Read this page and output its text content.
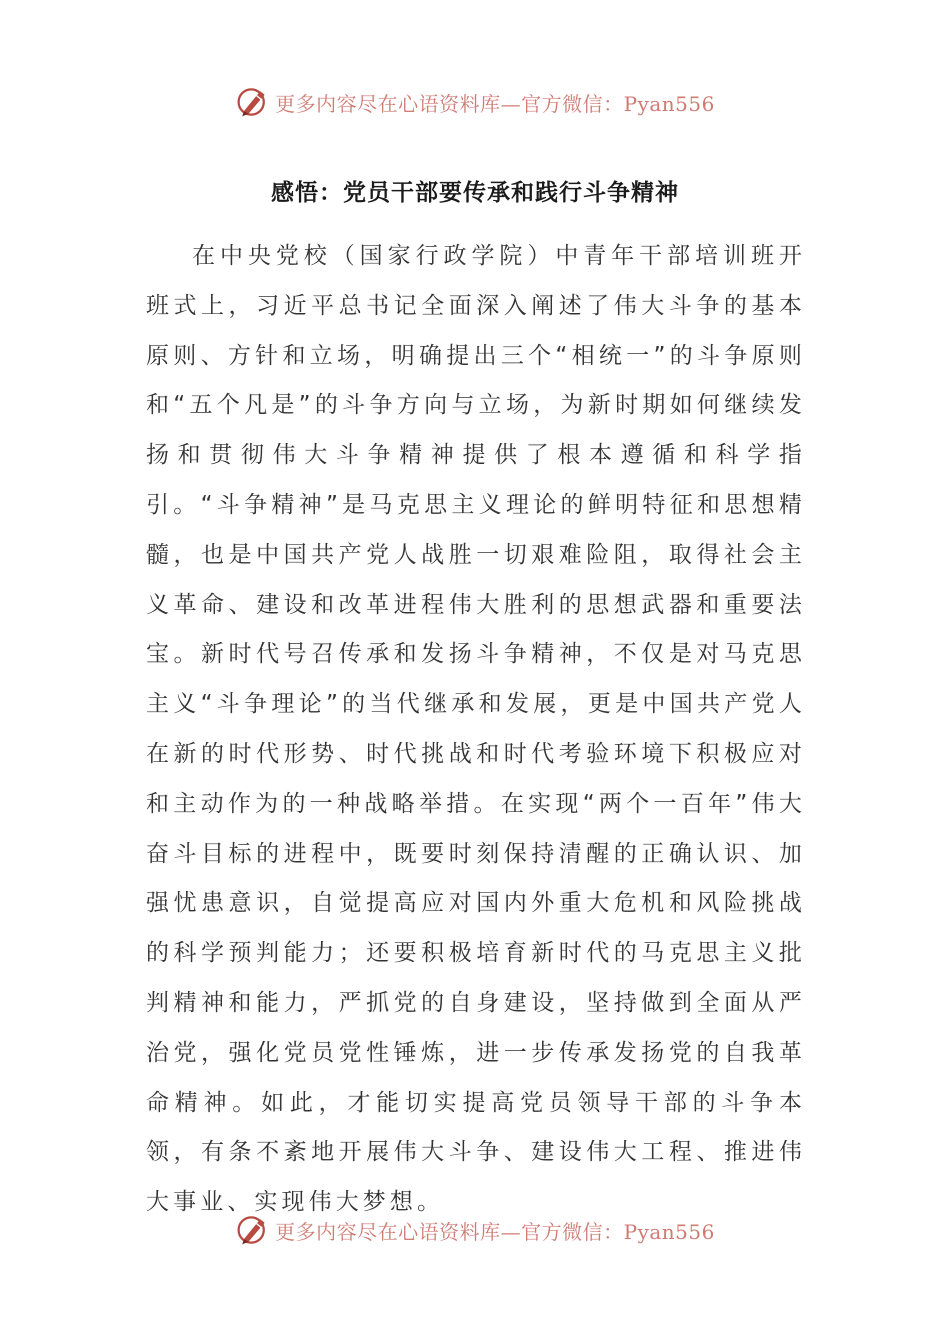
更多内容尽在心语资料库—官方微信：Pyan556
感悟：党员干部要传承和践行斗争精神

在中央党校（国家行政学院）中青年干部培训班开班式上，习近平总书记全面深入阐述了伟大斗争的基本原则、方针和立场，明确提出三个“相统一”的斗争原则和“五个凡是”的斗争方向与立场，为新时期如何继续发扬和贯彻伟大斗争精神提供了根本遵循和科学指引。“斗争精神”是马克思主义理论的鲜明特征和思想精髓，也是中国共产党人战胜一切艰难险阻，取得社会主义革命、建设和改革进程伟大胜利的思想武器和重要法宝。新时代号召传承和发扬斗争精神，不仅是对马克思主义“斗争理论”的当代继承和发展，更是中国共产党人在新的时代形势、时代挑战和时代考验环境下积极应对和主动作为的一种战略举措。在实现“两个一百年”伟大奋斗目标的进程中，既要时刻保持清醒的正确认识、加强忧患意识，自觉提高应对国内外重大危机和风险挑战的科学预判能力；还要积极培育新时代的马克思主义批判精神和能力，严抓党的自身建设，坚持做到全面从严治党，强化党员党性锤炼，进一步传承发扬党的自我革命精神。如此，才能切实提高党员领导干部的斗争本领，有条不紊地开展伟大斗争、建设伟大工程、推进伟大事业、实现伟大梦想。

更多内容尽在心语资料库—官方微信：Pyan556
